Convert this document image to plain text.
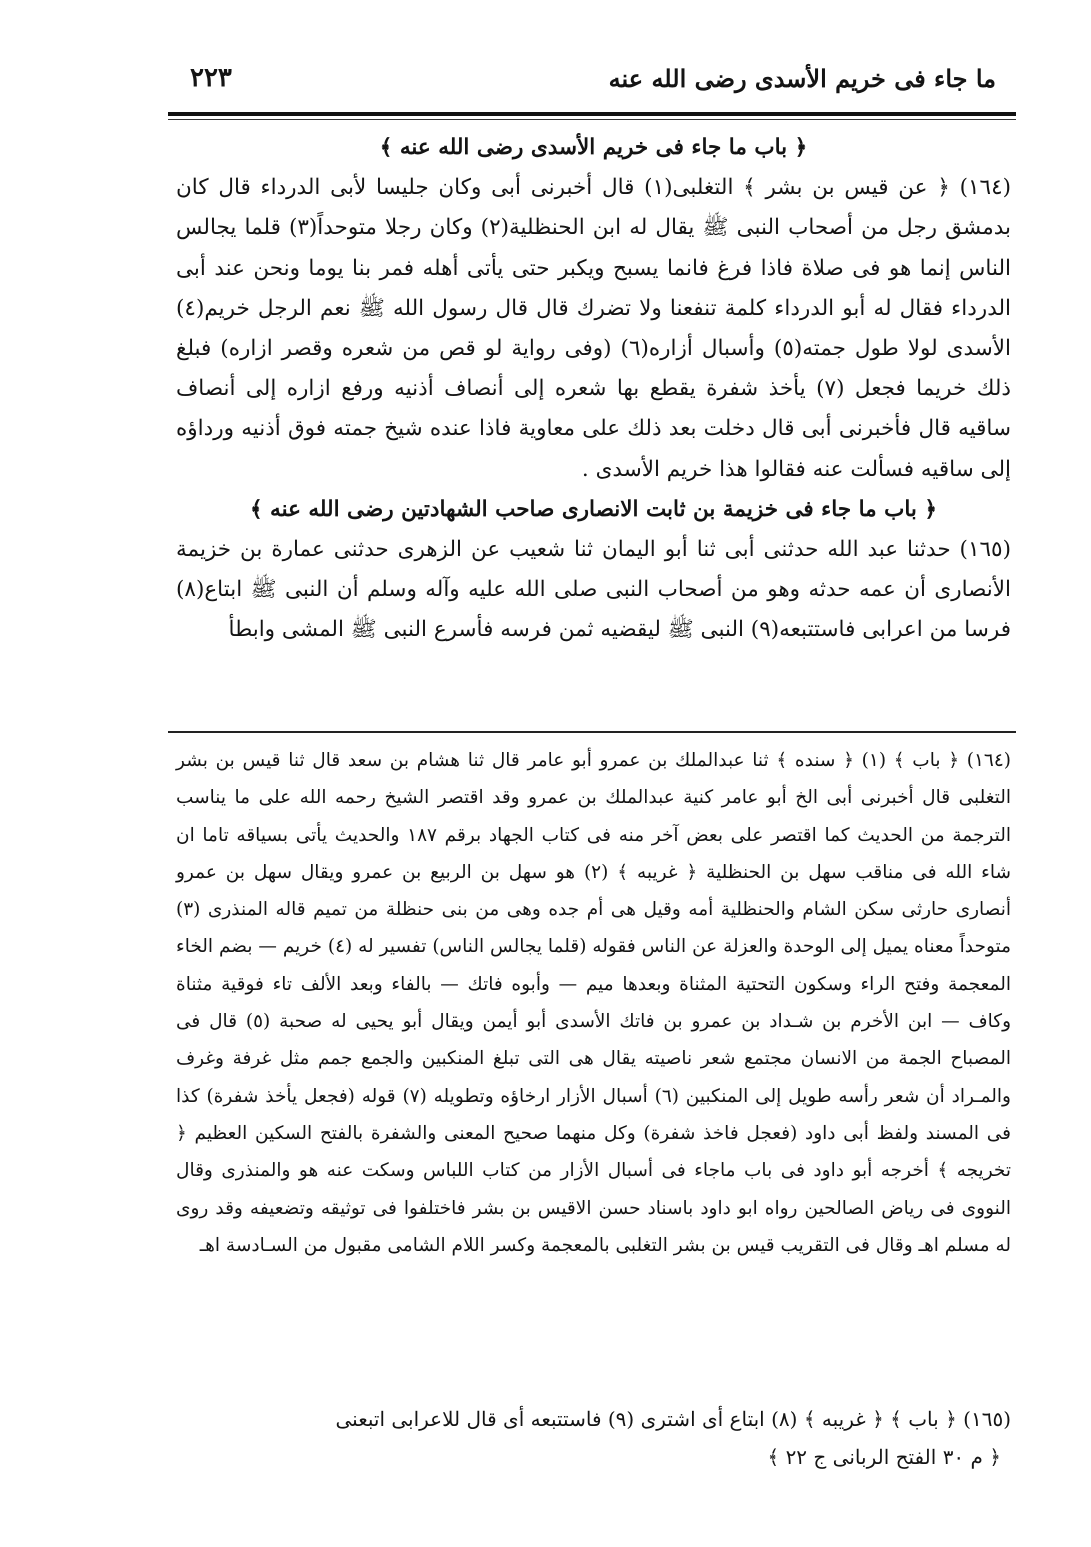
٢٢٣	ما جاء فى خريم الأسدى رضى الله عنه

﴿ باب ما جاء فى خريم الأسدى رضى الله عنه ﴾

(١٦٤) ﴿ عن قيس بن بشر ﴾ التغلبى(١) قال أخبرنى أبى وكان جليسا لأبى الدرداء قال كان بدمشق رجل من أصحاب النبى ﷺ يقال له ابن الحنظلية(٢) وكان رجلا متوحداً(٣) قلما يجالس الناس إنما هو فى صلاة فاذا فرغ فانما يسبح ويكبر حتى يأتى أهله فمر بنا يوما ونحن عند أبى الدرداء فقال له أبو الدرداء كلمة تنفعنا ولا تضرك قال قال رسول الله ﷺ نعم الرجل خريم(٤) الأسدى لولا طول جمته(٥) وأسبال أزاره(٦) (وفى رواية لو قص من شعره وقصر ازاره) فبلغ ذلك خريما فجعل (٧) يأخذ شفرة يقطع بها شعره إلى أنصاف أذنيه ورفع ازاره إلى أنصاف ساقيه قال فأخبرنى أبى قال دخلت بعد ذلك على معاوية فاذا عنده شيخ جمته فوق أذنيه ورداؤه إلى ساقيه فسألت عنه فقالوا هذا خريم الأسدى .

﴿ باب ما جاء فى خزيمة بن ثابت الانصارى صاحب الشهادتين رضى الله عنه ﴾

(١٦٥) حدثنا عبد الله حدثنى أبى ثنا أبو اليمان ثنا شعيب عن الزهرى حدثنى عمارة بن خزيمة الأنصارى أن عمه حدثه وهو من أصحاب النبى صلى الله عليه وآله وسلم أن النبى ﷺ ابتاع(٨) فرسا من اعرابى فاستتبعه(٩) النبى ﷺ ليقضيه ثمن فرسه فأسرع النبى ﷺ المشى وابطأ

(١٦٤) ﴿ باب ﴾ (١) ﴿ سنده ﴾ ثنا عبدالملك بن عمرو أبو عامر قال ثنا هشام بن سعد قال ثنا قيس بن بشر التغلبى قال أخبرنى أبى الخ أبو عامر كنية عبدالملك بن عمرو وقد اقتصر الشيخ رحمه الله على ما يناسب الترجمة من الحديث كما اقتصر على بعض آخر منه فى كتاب الجهاد برقم ١٨٧ والحديث يأتى بسياقه تاما ان شاء الله فى مناقب سهل بن الحنظلية ﴿ غريبه ﴾ (٢) هو سهل بن الربيع بن عمرو ويقال سهل بن عمرو أنصارى حارثى سكن الشام والحنظلية أمه وقيل هى أم جده وهى من بنى حنظلة من تميم قاله المنذرى (٣) متوحداً معناه يميل إلى الوحدة والعزلة عن الناس فقوله (قلما يجالس الناس) تفسير له (٤) خريم — بضم الخاء المعجمة وفتح الراء وسكون التحتية المثناة وبعدها ميم — وأبوه فاتك — بالفاء وبعد الألف تاء فوقية مثناة وكاف — ابن الأخرم بن شـداد بن عمرو بن فاتك الأسدى أبو أيمن ويقال أبو يحيى له صحبة (٥) قال فى المصباح الجمة من الانسان مجتمع شعر ناصيته يقال هى التى تبلغ المنكبين والجمع جمم مثل غرفة وغرف والمـراد أن شعر رأسه طويل إلى المنكبين (٦) أسبال الأزار ارخاؤه وتطويله (٧) قوله (فجعل يأخذ شفرة) كذا فى المسند ولفظ أبى داود (فعجل فاخذ شفرة) وكل منهما صحيح المعنى والشفرة بالفتح السكين العظيم ﴿ تخريجه ﴾ أخرجه أبو داود فى باب ماجاء فى أسبال الأزار من كتاب اللباس وسكت عنه هو والمنذرى وقال النووى فى رياض الصالحين رواه ابو داود باسناد حسن الاقيس بن بشر فاختلفوا فى توثيقه وتضعيفه وقد روى له مسلم اهـ وقال فى التقريب قيس بن بشر التغلبى بالمعجمة وكسر اللام الشامى مقبول من السـادسة اهـ

(١٦٥) ﴿ باب ﴾ ﴿ غريبه ﴾ (٨) ابتاع أى اشترى (٩) فاستتبعه أى قال للاعرابى اتبعنى

﴿ م ٣٠ الفتح الربانى ج ٢٢ ﴾
